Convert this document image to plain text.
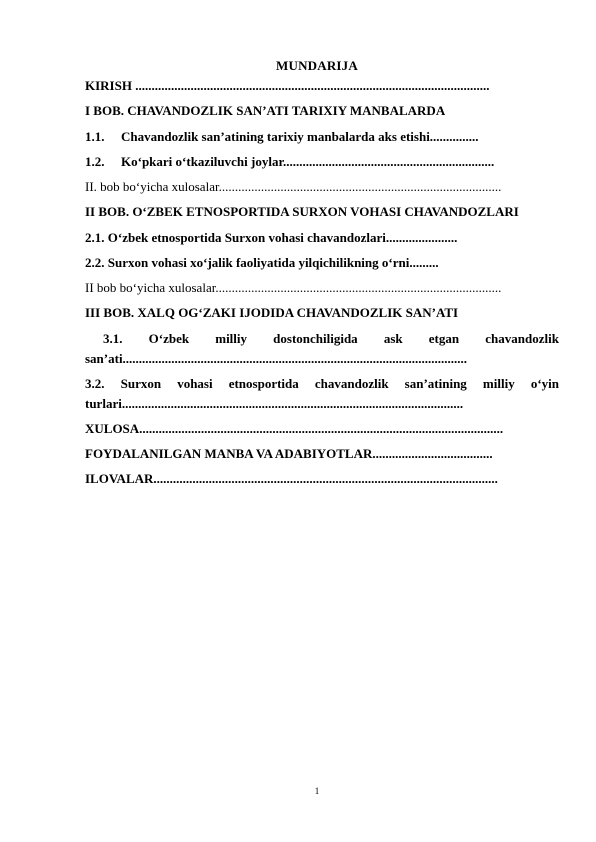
MUNDARIJA
KIRISH .............................................................................................................
I BOB. CHAVANDOZLIK SAN’ATI TARIXIY MANBALARDA
1.1. Chavandozlik san’atining tarixiy manbalarda aks etishi...............
1.2. Ko‘pkari o‘tkaziluvchi joylar.................................................................
II. bob bo‘yicha xulosalar.......................................................................................
II BOB. O‘ZBEK ETNOSPORTIDA SURXON VOHASI CHAVANDOZLARI
2.1. O‘zbek etnosportida Surxon vohasi chavandozlari......................
2.2. Surxon vohasi xo‘jalik faoliyatida yilqichilikning o‘rni.........
II bob bo‘yicha xulosalar........................................................................................
III BOB. XALQ OG‘ZAKI IJODIDA CHAVANDOZLIK SAN’ATI
3.1. O‘zbek milliy dostonchiligida ask etgan chavandozlik
san’ati..........................................................................................................
3.2. Surxon vohasi etnosportida chavandozlik san’atining milliy o‘yin
turlari.........................................................................................................
XULOSA................................................................................................................
FOYDALANILGAN MANBA VA ADABIYOTLAR.....................................
ILOVALAR..........................................................................................................
1
